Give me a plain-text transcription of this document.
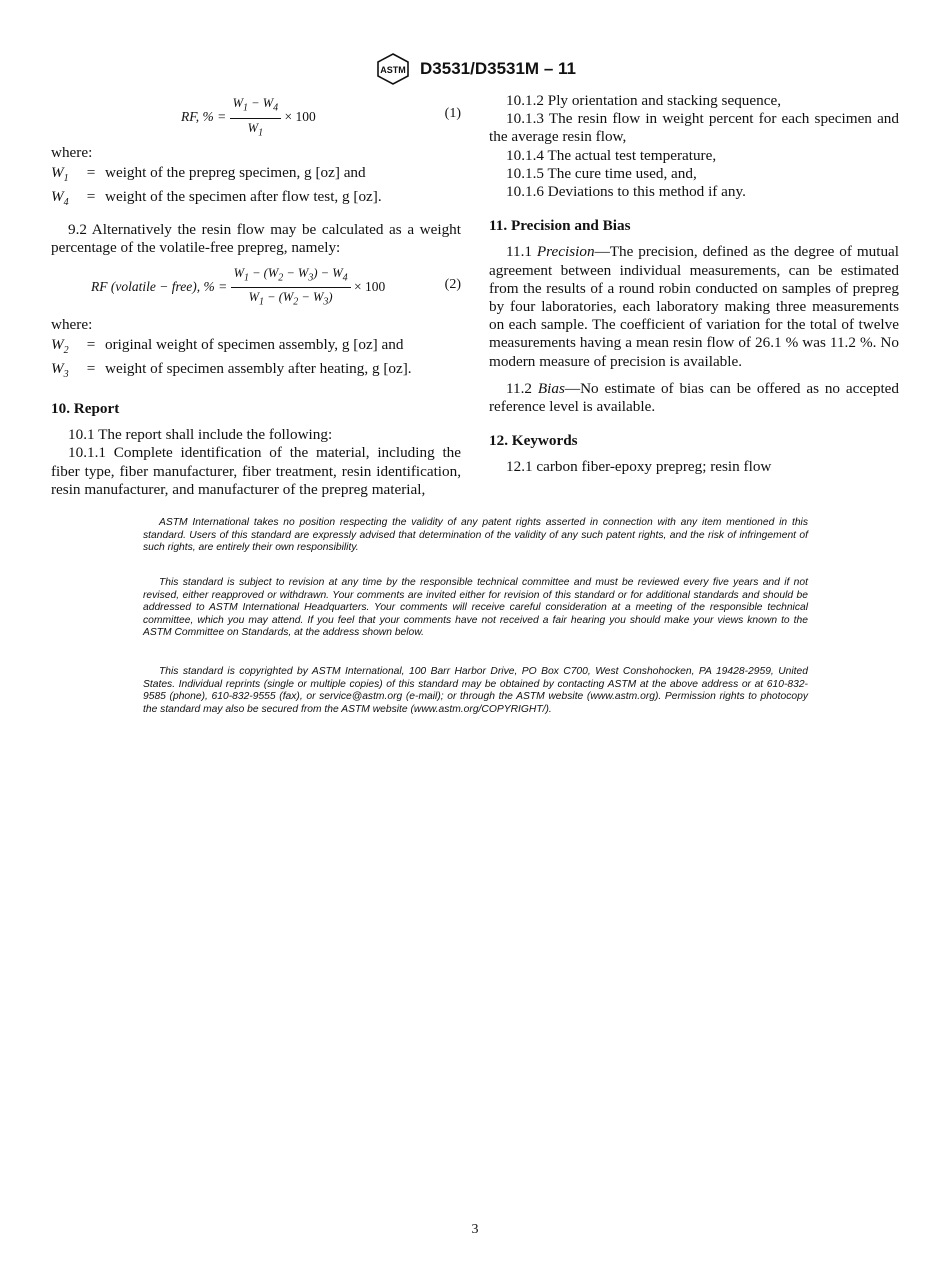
ASTM D3531/D3531M – 11
RF, % = $\frac{W_1 - W_4}{W_1} \times 100$	(1)

where:

$W_1$	= weight of the prepreg specimen, g [oz] and
$W_4$	= weight of the specimen after flow test, g [oz].

9.2 Alternatively the resin flow may be calculated as a weight percentage of the volatile-free prepreg, namely:

RF (volatile − free), % = $\frac{W_1 - (W_2 - W_3) - W_4}{W_1 - (W_2 - W_3)} \times 100$	(2)

where:

$W_2$	= original weight of specimen assembly, g [oz] and
$W_3$	= weight of specimen assembly after heating, g [oz].

10. Report

10.1 The report shall include the following:

10.1.1 Complete identification of the material, including the fiber type, fiber manufacturer, fiber treatment, resin identification, resin manufacturer, and manufacturer of the prepreg material,

10.1.2 Ply orientation and stacking sequence,

10.1.3 The resin flow in weight percent for each specimen and the average resin flow,

10.1.4 The actual test temperature,

10.1.5 The cure time used, and,

10.1.6 Deviations to this method if any.

11. Precision and Bias

11.1 Precision—The precision, defined as the degree of mutual agreement between individual measurements, can be estimated from the results of a round robin conducted on samples of prepreg by four laboratories, each laboratory making three measurements on each sample. The coefficient of variation for the total of twelve measurements having a mean resin flow of 26.1 % was 11.2 %. No modern measure of precision is available.

11.2 Bias—No estimate of bias can be offered as no accepted reference level is available.

12. Keywords

12.1 carbon fiber-epoxy prepreg; resin flow

ASTM International takes no position respecting the validity of any patent rights asserted in connection with any item mentioned in this standard. Users of this standard are expressly advised that determination of the validity of any such patent rights, and the risk of infringement of such rights, are entirely their own responsibility.

This standard is subject to revision at any time by the responsible technical committee and must be reviewed every five years and if not revised, either reapproved or withdrawn. Your comments are invited either for revision of this standard or for additional standards and should be addressed to ASTM International Headquarters. Your comments will receive careful consideration at a meeting of the responsible technical committee, which you may attend. If you feel that your comments have not received a fair hearing you should make your views known to the ASTM Committee on Standards, at the address shown below.

This standard is copyrighted by ASTM International, 100 Barr Harbor Drive, PO Box C700, West Conshohocken, PA 19428-2959, United States. Individual reprints (single or multiple copies) of this standard may be obtained by contacting ASTM at the above address or at 610-832-9585 (phone), 610-832-9555 (fax), or service@astm.org (e-mail); or through the ASTM website (www.astm.org). Permission rights to photocopy the standard may also be secured from the ASTM website (www.astm.org/COPYRIGHT/).

3
